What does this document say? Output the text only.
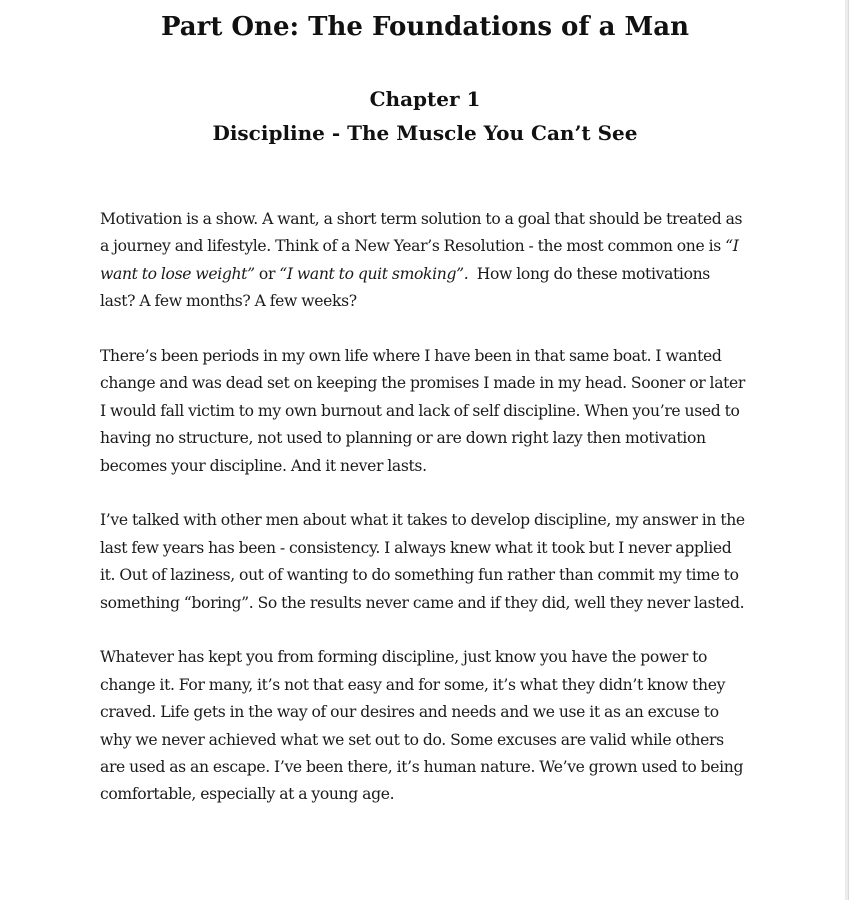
Part One: The Foundations of a Man
Chapter 1
Discipline - The Muscle You Can’t See

Motivation is a show. A want, a short term solution to a goal that should be treated as a journey and lifestyle. Think of a New Year’s Resolution - the most common one is “I want to lose weight” or “I want to quit smoking”.  How long do these motivations last? A few months? A few weeks?

There’s been periods in my own life where I have been in that same boat. I wanted change and was dead set on keeping the promises I made in my head. Sooner or later I would fall victim to my own burnout and lack of self discipline. When you’re used to having no structure, not used to planning or are down right lazy then motivation becomes your discipline. And it never lasts.

I’ve talked with other men about what it takes to develop discipline, my answer in the last few years has been - consistency. I always knew what it took but I never applied it. Out of laziness, out of wanting to do something fun rather than commit my time to something “boring”. So the results never came and if they did, well they never lasted.

Whatever has kept you from forming discipline, just know you have the power to change it. For many, it’s not that easy and for some, it’s what they didn’t know they craved. Life gets in the way of our desires and needs and we use it as an excuse to why we never achieved what we set out to do. Some excuses are valid while others are used as an escape. I’ve been there, it’s human nature. We’ve grown used to being comfortable, especially at a young age.
